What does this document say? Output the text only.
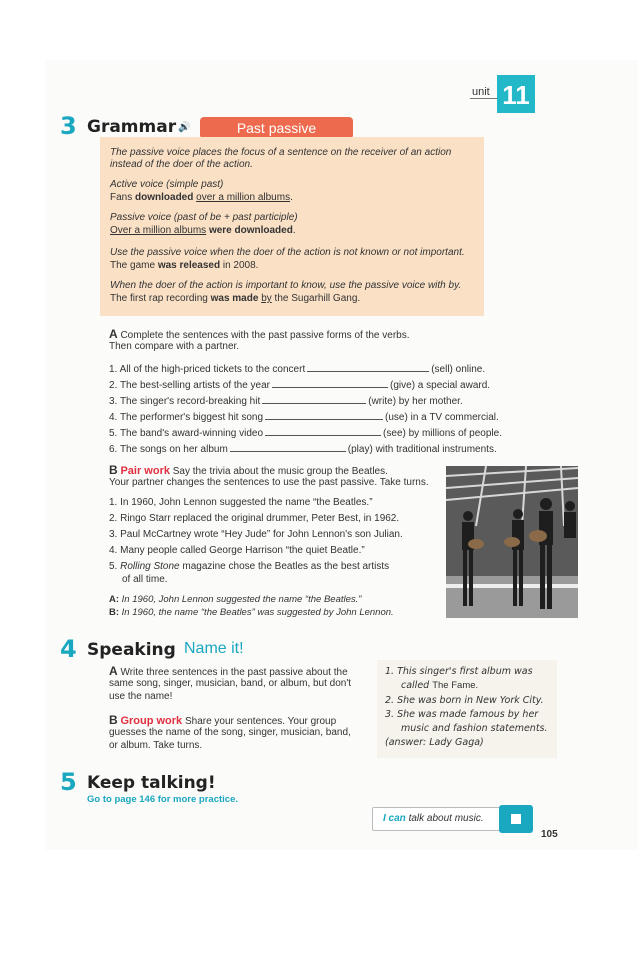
unit 11
3 Grammar 🔊	Past passive
The passive voice places the focus of a sentence on the receiver of an action
instead of the doer of the action.
Active voice (simple past)
Fans downloaded over a million albums.
Passive voice (past of be + past participle)
Over a million albums were downloaded.
Use the passive voice when the doer of the action is not known or not important.
The game was released in 2008.
When the doer of the action is important to know, use the passive voice with by.
The first rap recording was made by the Sugarhill Gang.
A Complete the sentences with the past passive forms of the verbs.
Then compare with a partner.
1. All of the high-priced tickets to the concert	(sell) online.
2. The best-selling artists of the year	(give) a special award.
3. The singer's record-breaking hit	(write) by her mother.
4. The performer's biggest hit song	(use) in a TV commercial.
5. The band's award-winning video	(see) by millions of people.
6. The songs on her album	(play) with traditional instruments.
B Pair work Say the trivia about the music group the Beatles.
Your partner changes the sentences to use the past passive. Take turns.
1. In 1960, John Lennon suggested the name “the Beatles.”
2. Ringo Starr replaced the original drummer, Peter Best, in 1962.
3. Paul McCartney wrote “Hey Jude” for John Lennon's son Julian.
4. Many people called George Harrison “the quiet Beatle.”
5. Rolling Stone magazine chose the Beatles as the best artists
of all time.
A: In 1960, John Lennon suggested the name “the Beatles.”
B: In 1960, the name “the Beatles” was suggested by John Lennon.
4 Speaking Name it!
A Write three sentences in the past passive about the
same song, singer, musician, band, or album, but don't
use the name!
B Group work Share your sentences. Your group
guesses the name of the song, singer, musician, band,
or album. Take turns.
1. This singer's first album was
called The Fame.
2. She was born in New York City.
3. She was made famous by her
music and fashion statements.
(answer: Lady Gaga)
5 Keep talking!
Go to page 146 for more practice.
I can talk about music.
105
